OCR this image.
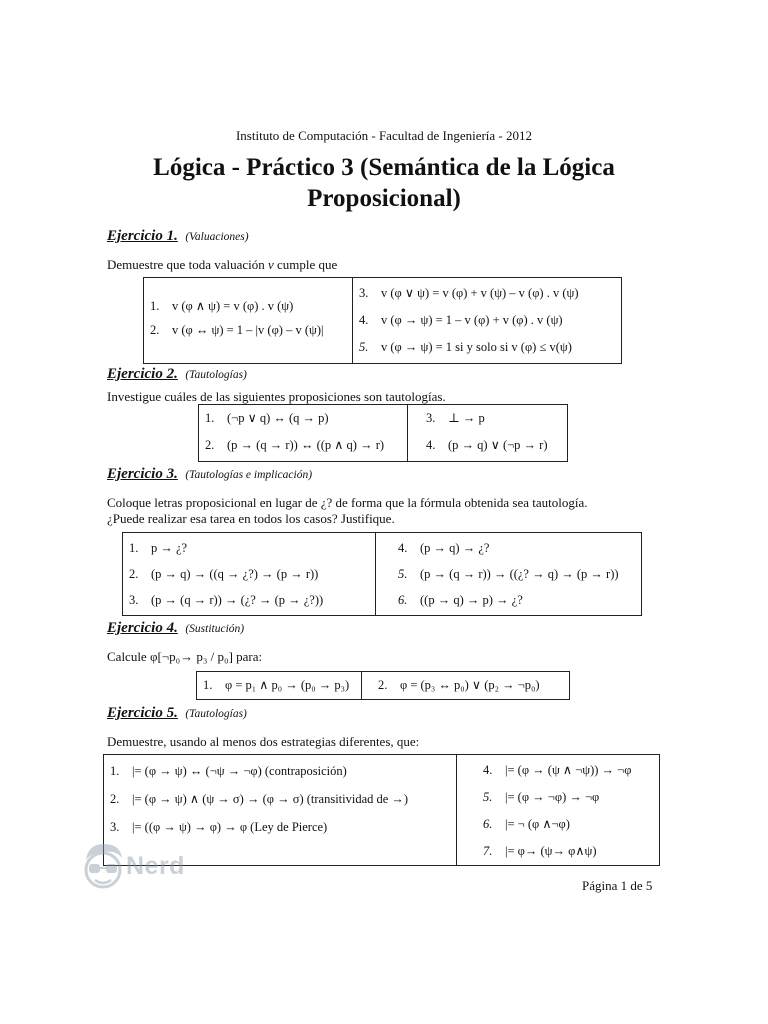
Instituto de Computación - Facultad de Ingeniería - 2012
Lógica - Práctico 3 (Semántica de la Lógica
Proposicional)
Ejercicio 1. (Valuaciones)
Demuestre que toda valuación v cumple que
1. v (φ ∧ ψ) = v (φ) . v (ψ)
2. v (φ ↔ ψ) = 1 – |v (φ) – v (ψ)|

3. v (φ ∨ ψ) = v (φ) + v (ψ) – v (φ) . v (ψ)
4. v (φ → ψ) = 1 – v (φ) + v (φ) . v (ψ)
5. v (φ → ψ) = 1 si y solo si v (φ) ≤ v(ψ)
Ejercicio 2. (Tautologías)
Investigue cuáles de las siguientes proposiciones son tautologías.
1. (¬p ∨ q) ↔ (q → p)
2. (p → (q → r)) ↔ ((p ∧ q) → r)

3. ⊥ → p
4. (p → q) ∨ (¬p → r)
Ejercicio 3. (Tautologías e implicación)
Coloque letras proposicional en lugar de ¿? de forma que la fórmula obtenida sea tautología.
¿Puede realizar esa tarea en todos los casos? Justifique.
1. p → ¿?
2. (p → q) → ((q → ¿?) → (p → r))
3. (p → (q → r)) → (¿? → (p → ¿?))

4. (p → q) → ¿?
5. (p → (q → r)) → ((¿? → q) → (p → r))
6. ((p → q) → p) → ¿?
Ejercicio 4. (Sustitución)
Calcule φ[¬p₀→ p₃ / p₀] para:
1. φ = p₁ ∧ p₀ → (p₀ → p₃)	2. φ = (p₃ ↔ p₀) ∨ (p₂ → ¬p₀)
Ejercicio 5. (Tautologías)
Demuestre, usando al menos dos estrategias diferentes, que:
1. |= (φ → ψ) ↔ (¬ψ → ¬φ) (contraposición)
2. |= (φ → ψ) ∧ (ψ → σ) → (φ → σ) (transitividad de →)
3. |= ((φ → ψ) → φ) → φ (Ley de Pierce)

4. |= (φ → (ψ ∧ ¬ψ)) → ¬φ
5. |= (φ → ¬φ) → ¬φ
6. |= ¬ (φ ∧¬φ)
7. |= φ→ (ψ→ φ∧ψ)
Nerd
Página 1 de 5
